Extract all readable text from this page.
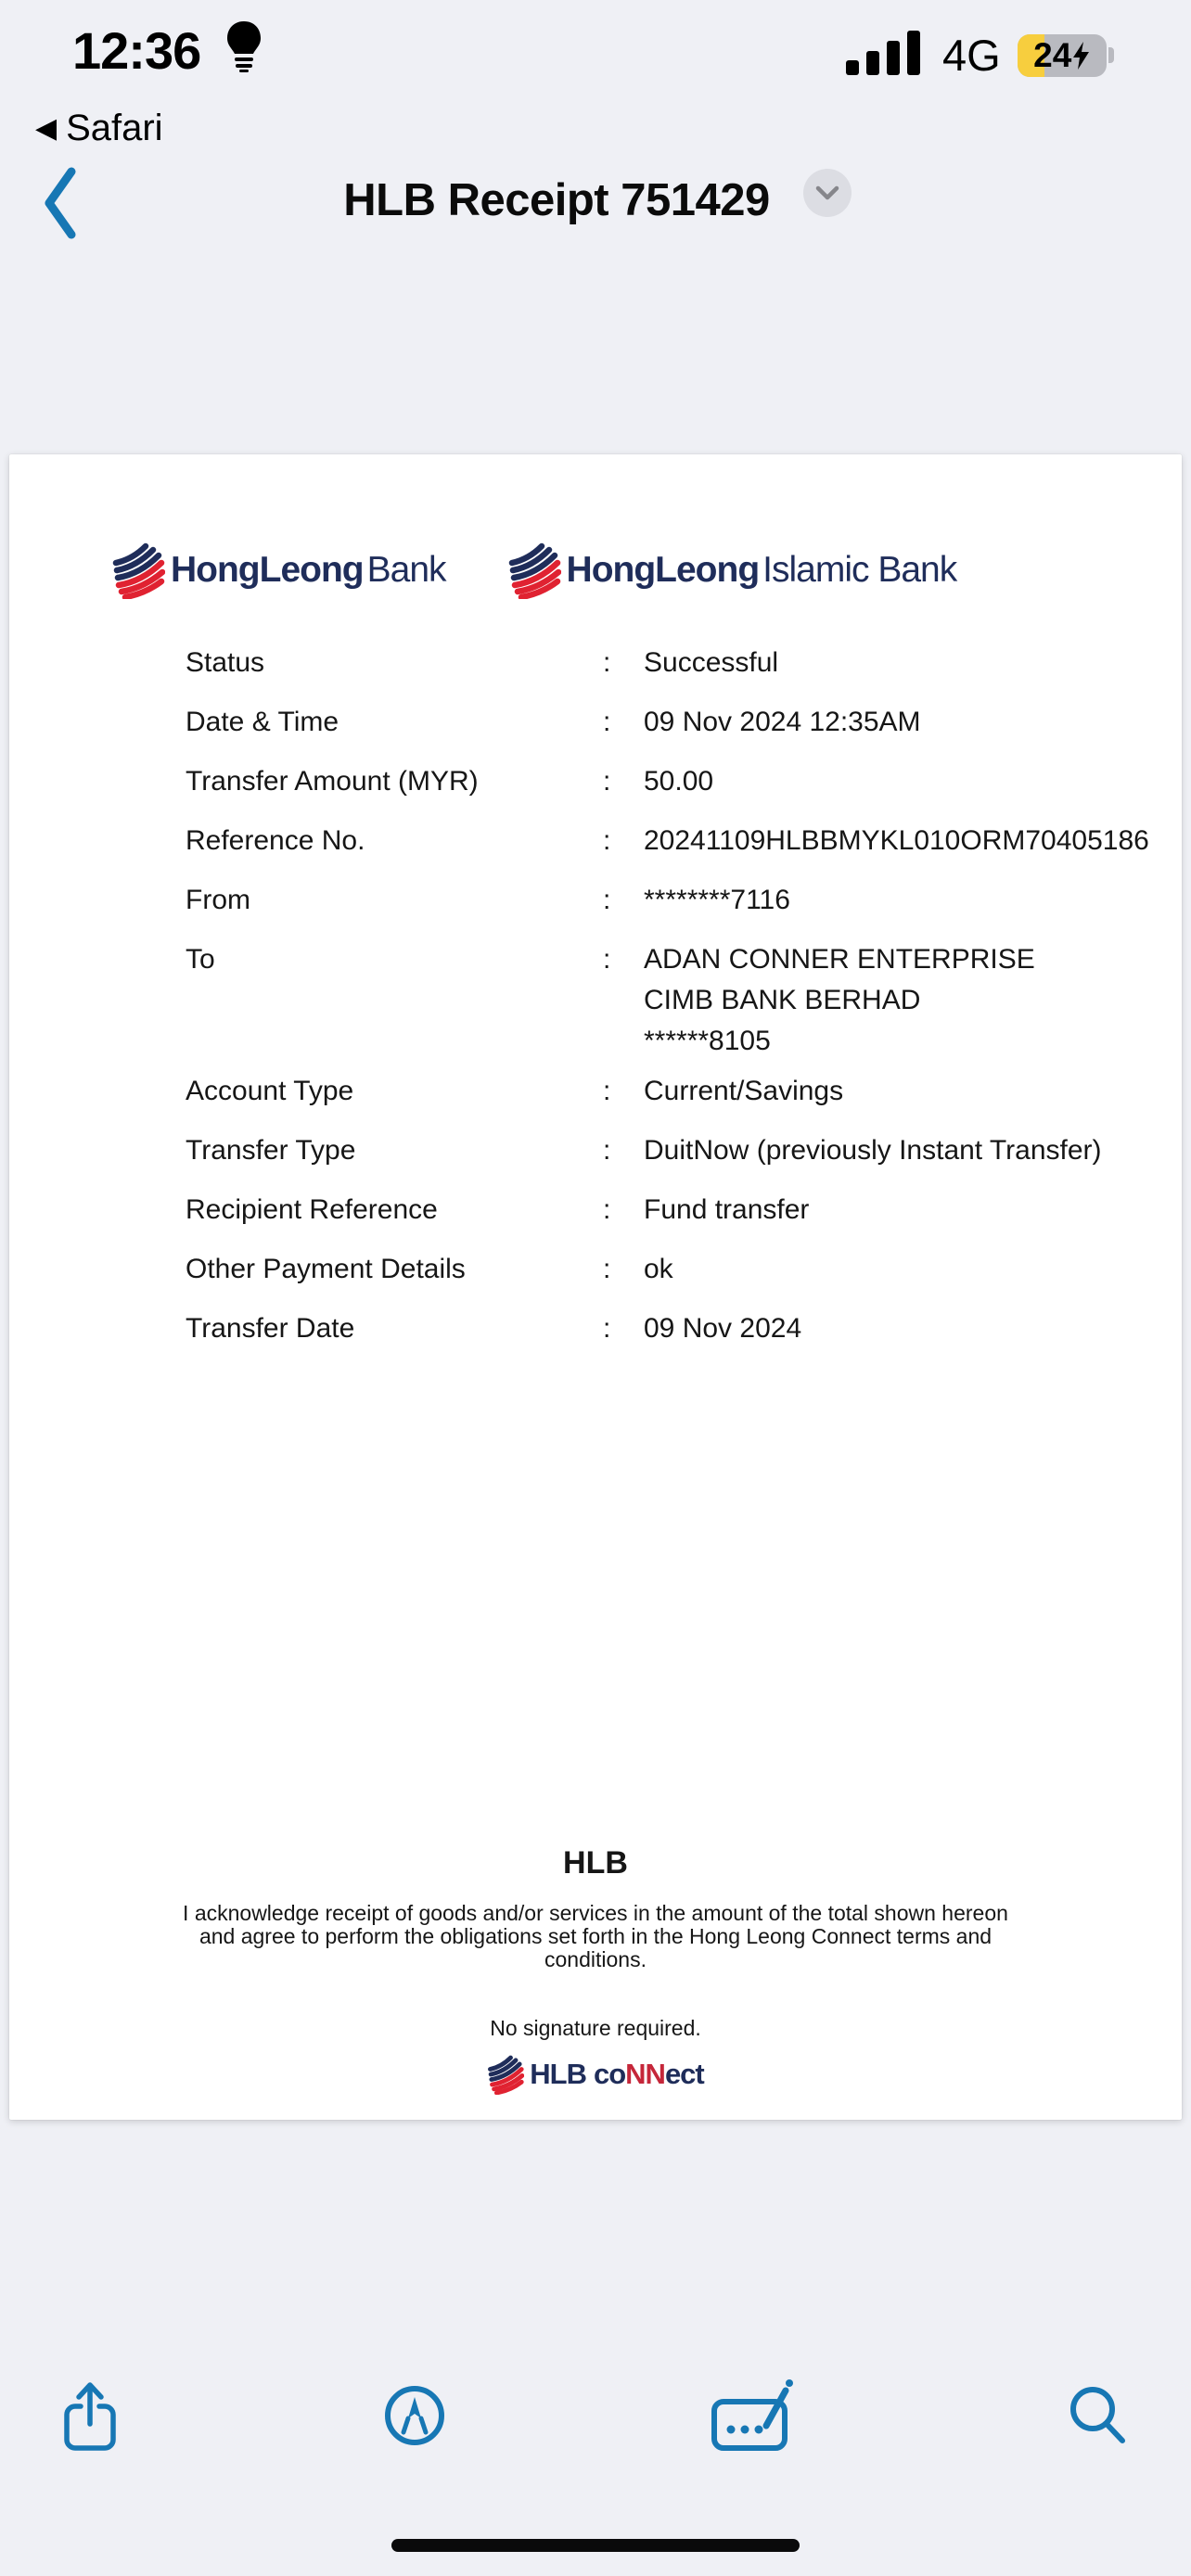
12:36
◀ Safari
4G 24
HLB Receipt 751429
HongLeong Bank	HongLeong Islamic Bank
Status	:	Successful
Date & Time	:	09 Nov 2024 12:35AM
Transfer Amount (MYR)	:	50.00
Reference No.	:	20241109HLBBMYKL010ORM70405186
From	:	********7116
To	:	ADAN CONNER ENTERPRISE
CIMB BANK BERHAD
******8105
Account Type	:	Current/Savings
Transfer Type	:	DuitNow (previously Instant Transfer)
Recipient Reference	:	Fund transfer
Other Payment Details	:	ok
Transfer Date	:	09 Nov 2024
HLB
I acknowledge receipt of goods and/or services in the amount of the total shown hereon and agree to perform the obligations set forth in the Hong Leong Connect terms and conditions.
No signature required.
HLB coNNect
